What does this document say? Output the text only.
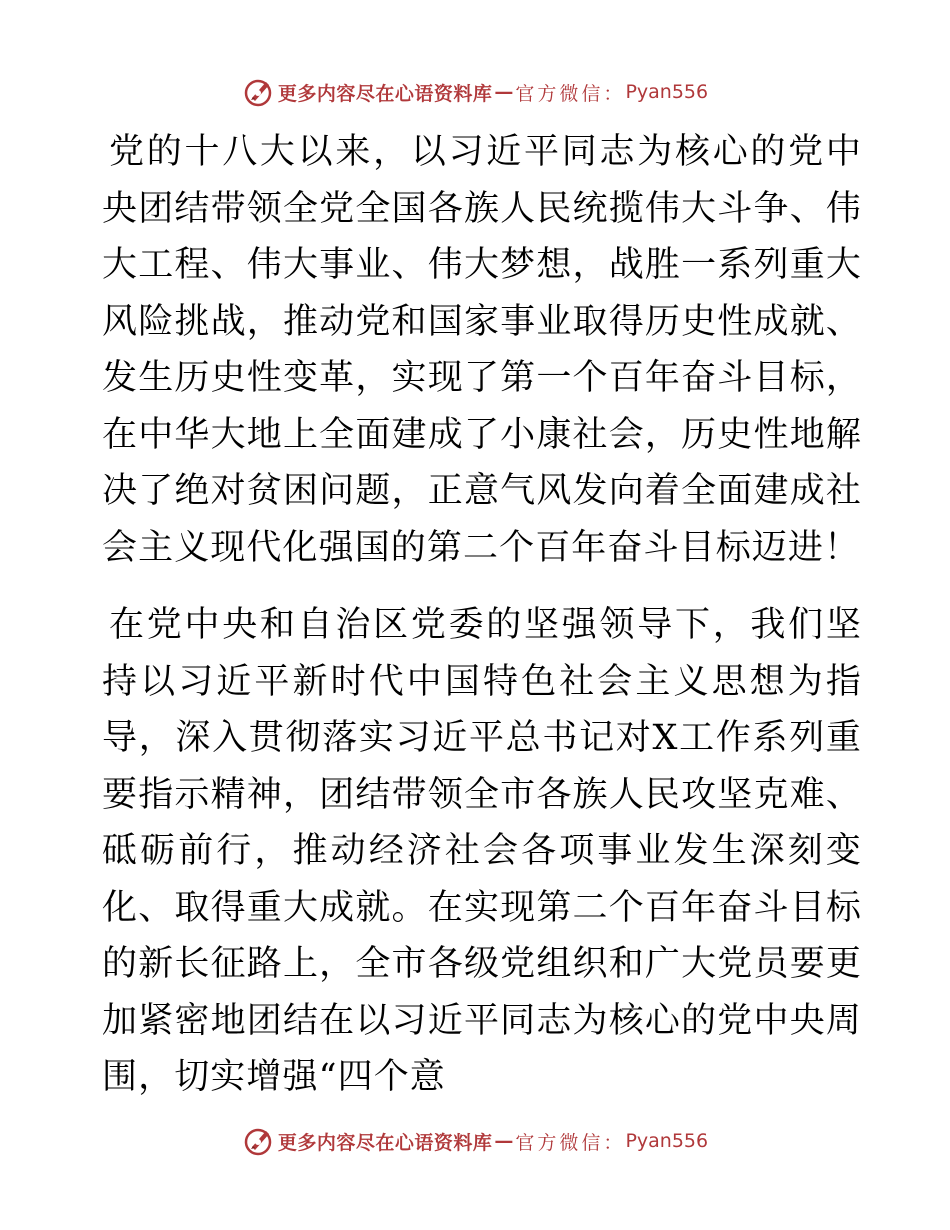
更多内容尽在心语资料库 — 官方微信： Pyan556

党的十八大以来，以习近平同志为核心的党中央团结带领全党全国各族人民统揽伟大斗争、伟大工程、伟大事业、伟大梦想，战胜一系列重大风险挑战，推动党和国家事业取得历史性成就、发生历史性变革，实现了第一个百年奋斗目标，在中华大地上全面建成了小康社会，历史性地解决了绝对贫困问题，正意气风发向着全面建成社会主义现代化强国的第二个百年奋斗目标迈进！

在党中央和自治区党委的坚强领导下，我们坚持以习近平新时代中国特色社会主义思想为指导，深入贯彻落实习近平总书记对X工作系列重要指示精神，团结带领全市各族人民攻坚克难、砥砺前行，推动经济社会各项事业发生深刻变化、取得重大成就。在实现第二个百年奋斗目标的新长征路上，全市各级党组织和广大党员要更加紧密地团结在以习近平同志为核心的党中央周围，切实增强“四个意

更多内容尽在心语资料库 — 官方微信： Pyan556
